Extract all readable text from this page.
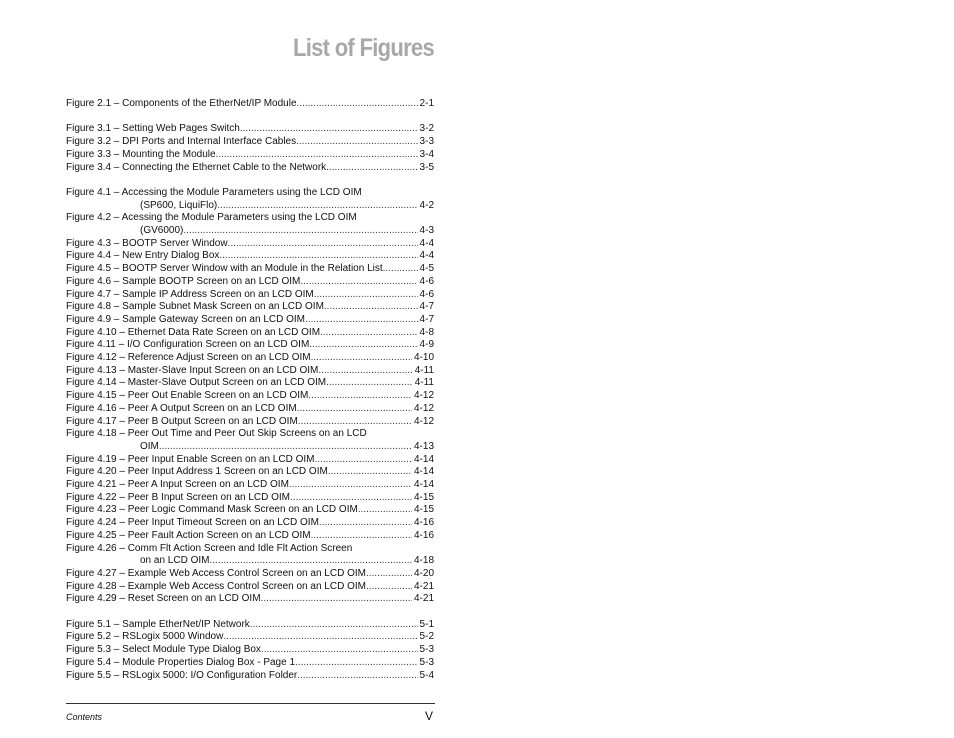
List of Figures
Figure 2.1 – Components of the EtherNet/IP Module .....	2-1
Figure 3.1 – Setting Web Pages Switch .....	3-2
Figure 3.2 – DPI Ports and Internal Interface Cables .....	3-3
Figure 3.3 – Mounting the Module .....	3-4
Figure 3.4 – Connecting the Ethernet Cable to the Network .....	3-5
Figure 4.1 – Accessing the Module Parameters using the LCD OIM
(SP600, LiquiFlo) .....	4-2
Figure 4.2 – Acessing the Module Parameters using the LCD OIM
(GV6000) .....	4-3
Figure 4.3 – BOOTP Server Window .....	4-4
Figure 4.4 – New Entry Dialog Box .....	4-4
Figure 4.5 – BOOTP Server Window with an Module in the Relation List .....	4-5
Figure 4.6 – Sample BOOTP Screen on an LCD OIM .....	4-6
Figure 4.7 – Sample IP Address Screen on an LCD OIM .....	4-6
Figure 4.8 – Sample Subnet Mask Screen on an LCD OIM .....	4-7
Figure 4.9 – Sample Gateway Screen on an LCD OIM .....	4-7
Figure 4.10 – Ethernet Data Rate Screen on an LCD OIM .....	4-8
Figure 4.11 – I/O Configuration Screen on an LCD OIM .....	4-9
Figure 4.12 – Reference Adjust Screen on an LCD OIM .....	4-10
Figure 4.13 – Master-Slave Input Screen on an LCD OIM .....	4-11
Figure 4.14 – Master-Slave Output Screen on an LCD OIM .....	4-11
Figure 4.15 – Peer Out Enable Screen on an LCD OIM .....	4-12
Figure 4.16 – Peer A Output Screen on an LCD OIM .....	4-12
Figure 4.17 – Peer B Output Screen on an LCD OIM .....	4-12
Figure 4.18 – Peer Out Time and Peer Out Skip Screens on an LCD
OIM .....	4-13
Figure 4.19 – Peer Input Enable Screen on an LCD OIM .....	4-14
Figure 4.20 – Peer Input Address 1 Screen on an LCD OIM .....	4-14
Figure 4.21 – Peer A Input Screen on an LCD OIM .....	4-14
Figure 4.22 – Peer B Input Screen on an LCD OIM .....	4-15
Figure 4.23 – Peer Logic Command Mask Screen on an LCD OIM .....	4-15
Figure 4.24 – Peer Input Timeout Screen on an LCD OIM .....	4-16
Figure 4.25 – Peer Fault Action Screen on an LCD OIM .....	4-16
Figure 4.26 – Comm Flt Action Screen and Idle Flt Action Screen
on an LCD OIM .....	4-18
Figure 4.27 – Example Web Access Control Screen on an LCD OIM .....	4-20
Figure 4.28 – Example Web Access Control Screen on an LCD OIM .....	4-21
Figure 4.29 – Reset Screen on an LCD OIM .....	4-21
Figure 5.1 – Sample EtherNet/IP Network .....	5-1
Figure 5.2 – RSLogix 5000 Window .....	5-2
Figure 5.3 – Select Module Type Dialog Box .....	5-3
Figure 5.4 – Module Properties Dialog Box - Page 1 .....	5-3
Figure 5.5 – RSLogix 5000: I/O Configuration Folder .....	5-4
Contents	V
